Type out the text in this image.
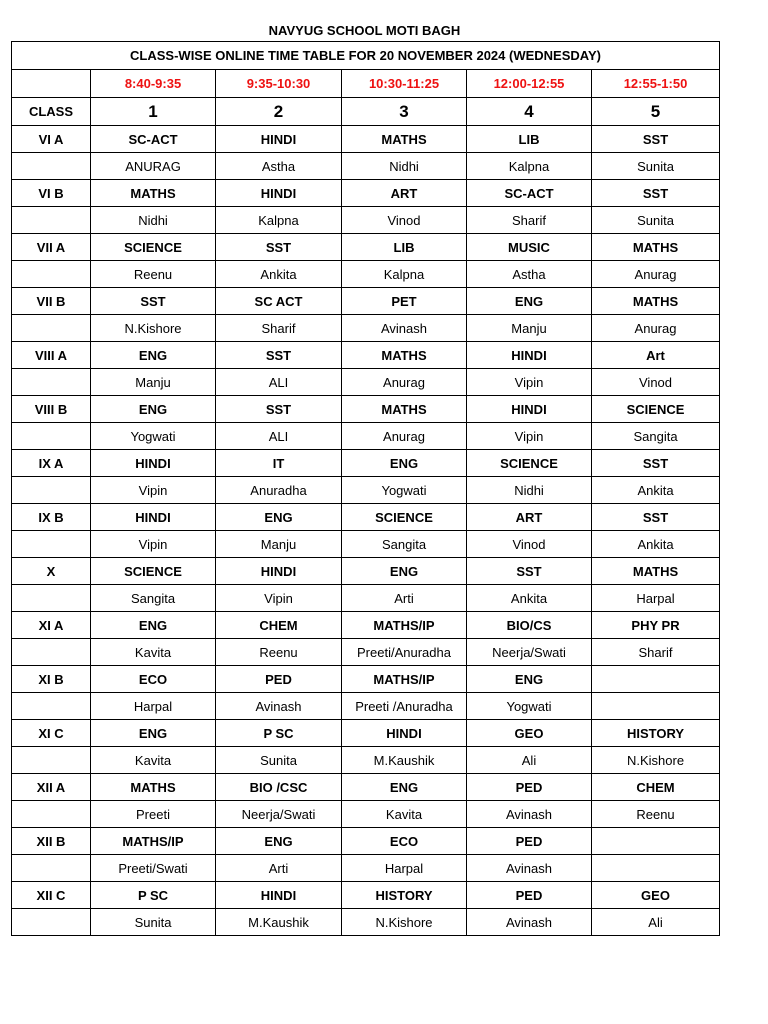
NAVYUG SCHOOL MOTI BAGH
CLASS-WISE ONLINE TIME TABLE FOR 20 NOVEMBER 2024 (WEDNESDAY)					
	8:40-9:35	9:35-10:30	10:30-11:25	12:00-12:55	12:55-1:50
CLASS	1	2	3	4	5
VI A	SC-ACT	HINDI	MATHS	LIB	SST
	ANURAG	Astha	Nidhi	Kalpna	Sunita
VI B	MATHS	HINDI	ART	SC-ACT	SST
	Nidhi	Kalpna	Vinod	Sharif	Sunita
VII A	SCIENCE	SST	LIB	MUSIC	MATHS
	Reenu	Ankita	Kalpna	Astha	Anurag
VII B	SST	SC ACT	PET	ENG	MATHS
	N.Kishore	Sharif	Avinash	Manju	Anurag
VIII A	ENG	SST	MATHS	HINDI	Art
	Manju	ALI	Anurag	Vipin	Vinod
VIII B	ENG	SST	MATHS	HINDI	SCIENCE
	Yogwati	ALI	Anurag	Vipin	Sangita
IX A	HINDI	IT	ENG	SCIENCE	SST
	Vipin	Anuradha	Yogwati	Nidhi	Ankita
IX B	HINDI	ENG	SCIENCE	ART	SST
	Vipin	Manju	Sangita	Vinod	Ankita
X	SCIENCE	HINDI	ENG	SST	MATHS
	Sangita	Vipin	Arti	Ankita	Harpal
XI A	ENG	CHEM	MATHS/IP	BIO/CS	PHY PR
	Kavita	Reenu	Preeti/Anuradha	Neerja/Swati	Sharif
XI B	ECO	PED	MATHS/IP	ENG	
	Harpal	Avinash	Preeti /Anuradha	Yogwati	
XI C	ENG	P SC	HINDI	GEO	HISTORY
	Kavita	Sunita	M.Kaushik	Ali	N.Kishore
XII A	MATHS	BIO /CSC	ENG	PED	CHEM
	Preeti	Neerja/Swati	Kavita	Avinash	Reenu
XII B	MATHS/IP	ENG	ECO	PED	
	Preeti/Swati	Arti	Harpal	Avinash	
XII C	P SC	HINDI	HISTORY	PED	GEO
	Sunita	M.Kaushik	N.Kishore	Avinash	Ali
